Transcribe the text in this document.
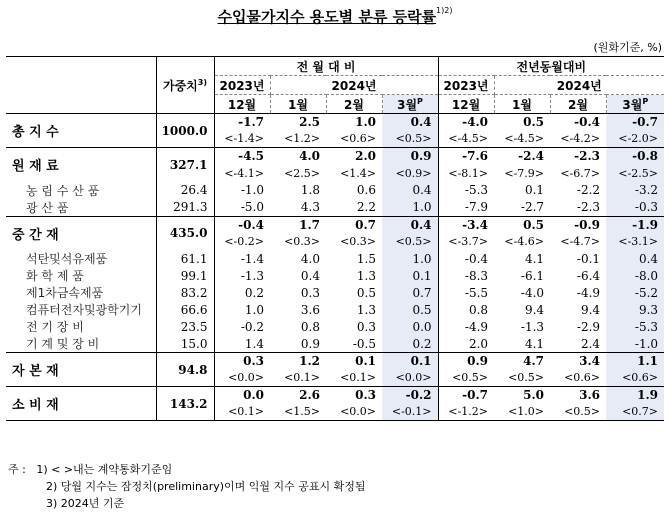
수입물가지수 용도별 분류 등락률$^{1)2)}$
(원화기준, %)
	가중치$^{3)}$	전 월 대 비				전년동월대비			
		2023년	2024년			2023년	2024년		
		12월	1월	2월	3월$^P$	12월	1월	2월	3월$^P$
총 지 수	1000.0	-1.7	2.5	1.0	0.4	-4.0	0.5	-0.4	-0.7
		<-1.4>	<1.2>	<0.6>	<0.5>	<-4.5>	<-4.5>	<-4.2>	<-2.0>
원 재 료	327.1	-4.5	4.0	2.0	0.9	-7.6	-2.4	-2.3	-0.8
		<-4.1>	<2.5>	<1.4>	<0.9>	<-8.1>	<-7.9>	<-6.7>	<-2.5>
농 림 수 산 품	26.4	-1.0	1.8	0.6	0.4	-5.3	0.1	-2.2	-3.2
광 산 품	291.3	-5.0	4.3	2.2	1.0	-7.9	-2.7	-2.3	-0.3
중 간 재	435.0	-0.4	1.7	0.7	0.4	-3.4	0.5	-0.9	-1.9
		<-0.2>	<0.3>	<0.3>	<0.5>	<-3.7>	<-4.6>	<-4.7>	<-3.1>
석탄및석유제품	61.1	-1.4	4.0	1.5	1.0	-0.4	4.1	-0.1	0.4
화 학 제 품	99.1	-1.3	0.4	1.3	0.1	-8.3	-6.1	-6.4	-8.0
제1차금속제품	83.2	0.2	0.3	0.5	0.7	-5.5	-4.0	-4.9	-5.2
컴퓨터전자및광학기기	66.6	1.0	3.6	1.3	0.5	0.8	9.4	9.4	9.3
전 기 장 비	23.5	-0.2	0.8	0.3	0.0	-4.9	-1.3	-2.9	-5.3
기 계 및 장 비	15.0	1.4	0.9	-0.5	0.2	2.0	4.1	2.4	-1.0
자 본 재	94.8	0.3	1.2	0.1	0.1	0.9	4.7	3.4	1.1
		<0.0>	<0.1>	<0.1>	<0.0>	<0.5>	<0.5>	<0.6>	<0.6>
소 비 재	143.2	0.0	2.6	0.3	-0.2	-0.7	5.0	3.6	1.9
		<0.1>	<1.5>	<0.0>	<-0.1>	<-1.2>	<1.0>	<0.5>	<0.7>
주 : 1) < >내는 계약통화기준임
2) 당월 지수는 잠정치(preliminary)이며 익월 지수 공표시 확정됨
3) 2024년 기준
